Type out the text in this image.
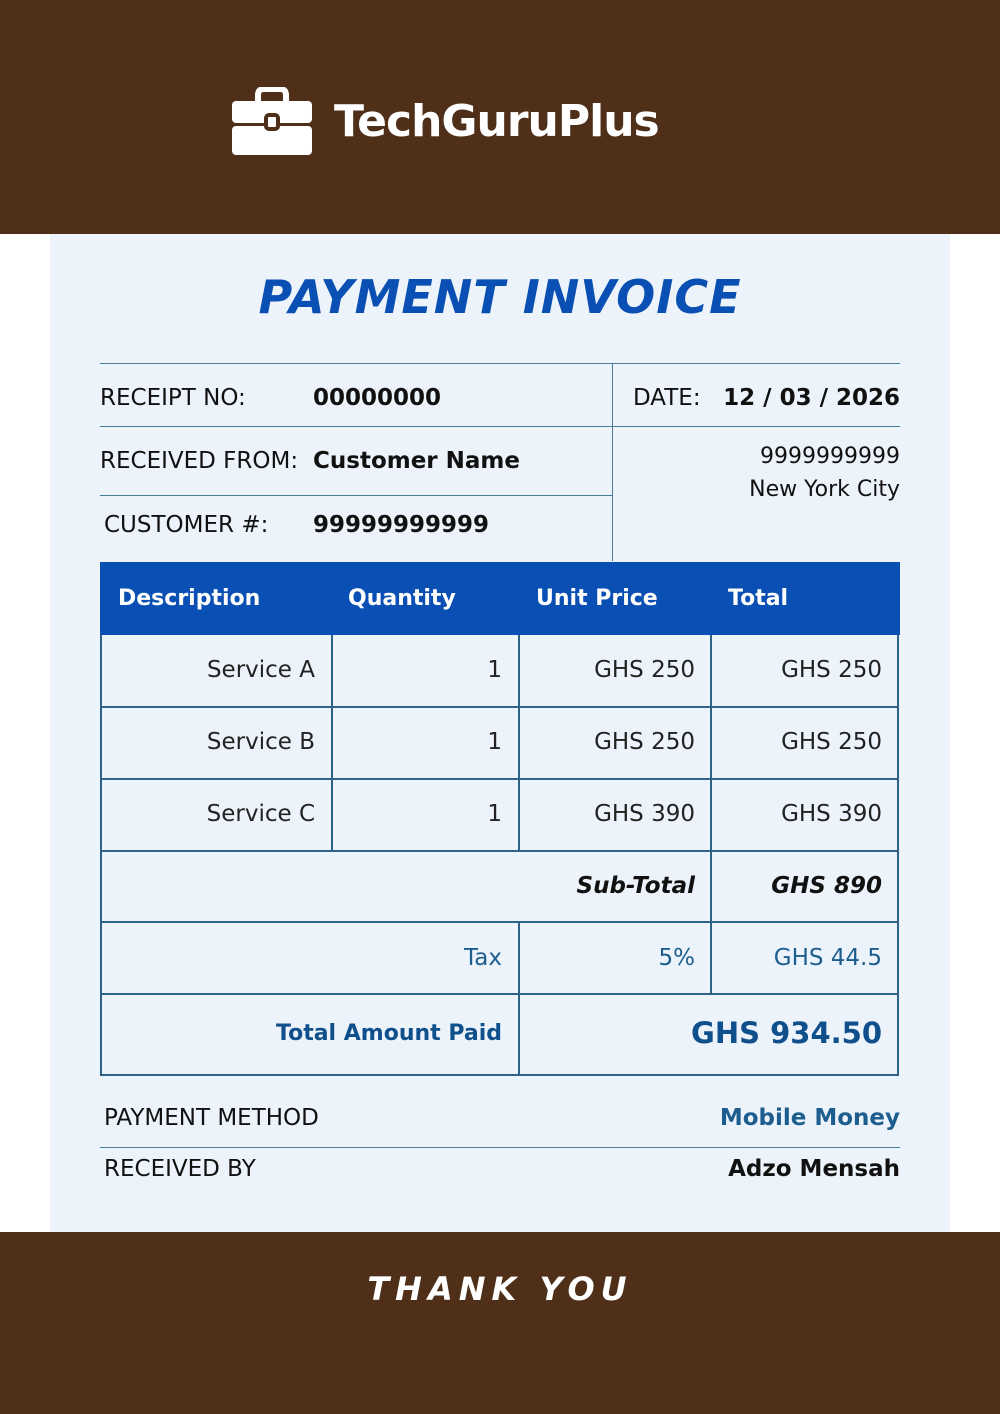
TechGuruPlus
PAYMENT INVOICE
RECEIPT NO:	00000000	DATE: 12 / 03 / 2026
RECEIVED FROM: Customer Name	9999999999
New York City
CUSTOMER #: 99999999999
Description	Quantity	Unit Price	Total
Service A	1	GHS 250	GHS 250
Service B	1	GHS 250	GHS 250
Service C	1	GHS 390	GHS 390
Sub-Total	GHS 890
Tax	5%	GHS 44.5
Total Amount Paid	GHS 934.50
PAYMENT METHOD	Mobile Money
RECEIVED BY	Adzo Mensah
THANK YOU
